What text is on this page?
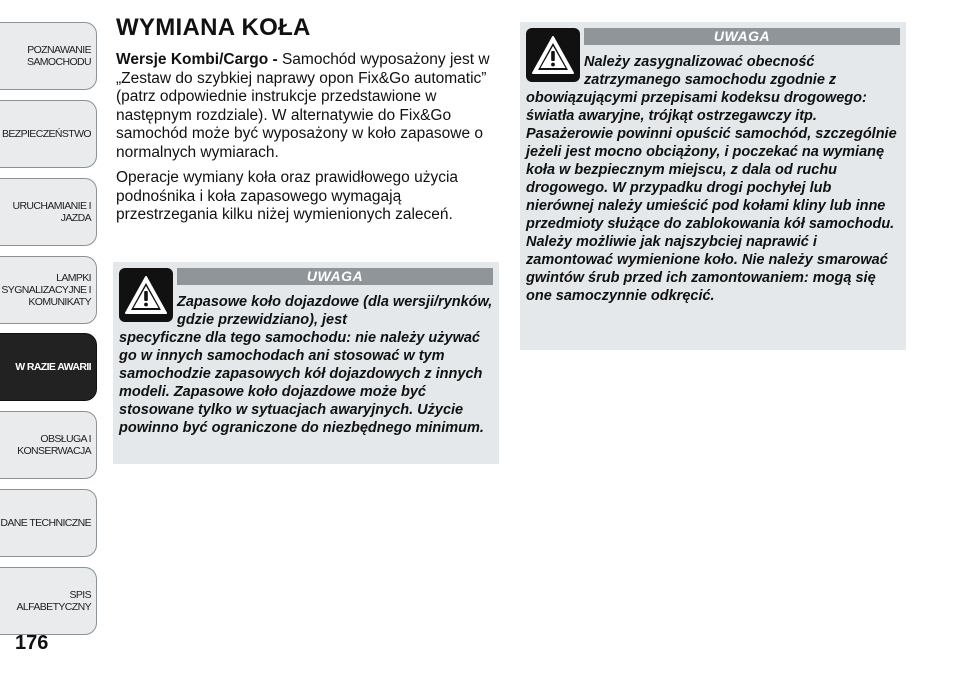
POZNAWANIE
SAMOCHODU
BEZPIECZEŃSTWO
URUCHAMIANIE I
JAZDA
LAMPKI
SYGNALIZACYJNE I
KOMUNIKATY
W RAZIE AWARII
OBSŁUGA I
KONSERWACJA
DANE TECHNICZNE
SPIS ALFABETYCZNY
176
WYMIANA KOŁA

Wersje Kombi/Cargo - Samochód wyposażony jest w „Zestaw do szybkiej naprawy opon Fix&Go automatic” (patrz odpowiednie instrukcje przedstawione w następnym rozdziale). W alternatywie do Fix&Go samochód może być wyposażony w koło zapasowe o normalnych wymiarach.

Operacje wymiany koła oraz prawidłowego użycia podnośnika i koła zapasowego wymagają przestrzegania kilku niżej wymienionych zaleceń.

UWAGA

Zapasowe koło dojazdowe (dla wersji/rynków, gdzie przewidziano), jest
specyficzne dla tego samochodu: nie należy używać go w innych samochodach ani stosować w tym samochodzie zapasowych kół dojazdowych z innych modeli. Zapasowe koło dojazdowe może być stosowane tylko w sytuacjach awaryjnych. Użycie powinno być ograniczone do niezbędnego minimum.

UWAGA

Należy zasygnalizować obecność zatrzymanego samochodu zgodnie z
obowiązującymi przepisami kodeksu drogowego: światła awaryjne, trójkąt ostrzegawczy itp. Pasażerowie powinni opuścić samochód, szczególnie jeżeli jest mocno obciążony, i poczekać na wymianę koła w bezpiecznym miejscu, z dala od ruchu drogowego. W przypadku drogi pochyłej lub nierównej należy umieścić pod kołami kliny lub inne przedmioty służące do zablokowania kół samochodu. Należy możliwie jak najszybciej naprawić i zamontować wymienione koło. Nie należy smarować gwintów śrub przed ich zamontowaniem: mogą się one samoczynnie odkręcić.
